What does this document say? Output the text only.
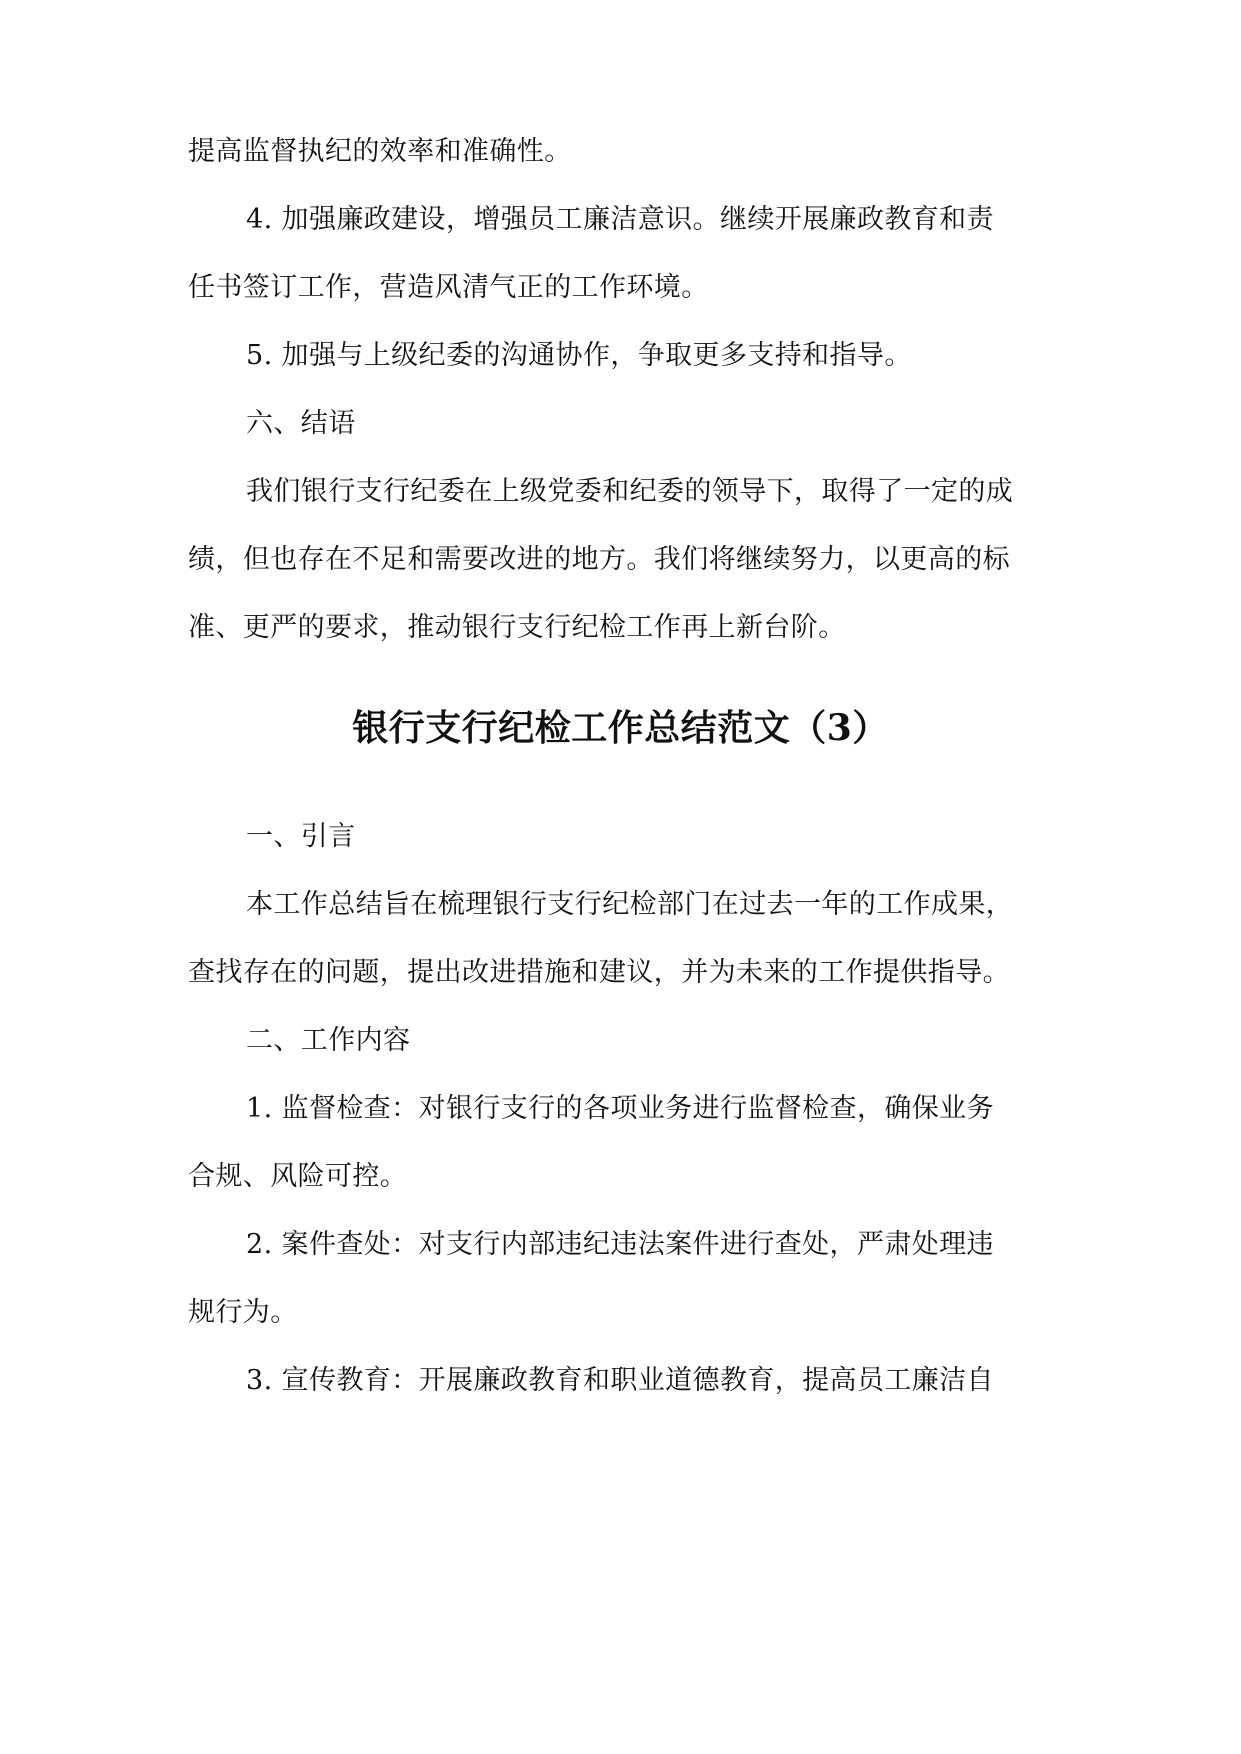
提高监督执纪的效率和准确性。
4. 加强廉政建设，增强员工廉洁意识。继续开展廉政教育和责
任书签订工作，营造风清气正的工作环境。
5. 加强与上级纪委的沟通协作，争取更多支持和指导。
六、结语
我们银行支行纪委在上级党委和纪委的领导下，取得了一定的成
绩，但也存在不足和需要改进的地方。我们将继续努力，以更高的标
准、更严的要求，推动银行支行纪检工作再上新台阶。
银行支行纪检工作总结范文（3）
一、引言
本工作总结旨在梳理银行支行纪检部门在过去一年的工作成果，
查找存在的问题，提出改进措施和建议，并为未来的工作提供指导。
二、工作内容
1. 监督检查：对银行支行的各项业务进行监督检查，确保业务
合规、风险可控。
2. 案件查处：对支行内部违纪违法案件进行查处，严肃处理违
规行为。
3. 宣传教育：开展廉政教育和职业道德教育，提高员工廉洁自
